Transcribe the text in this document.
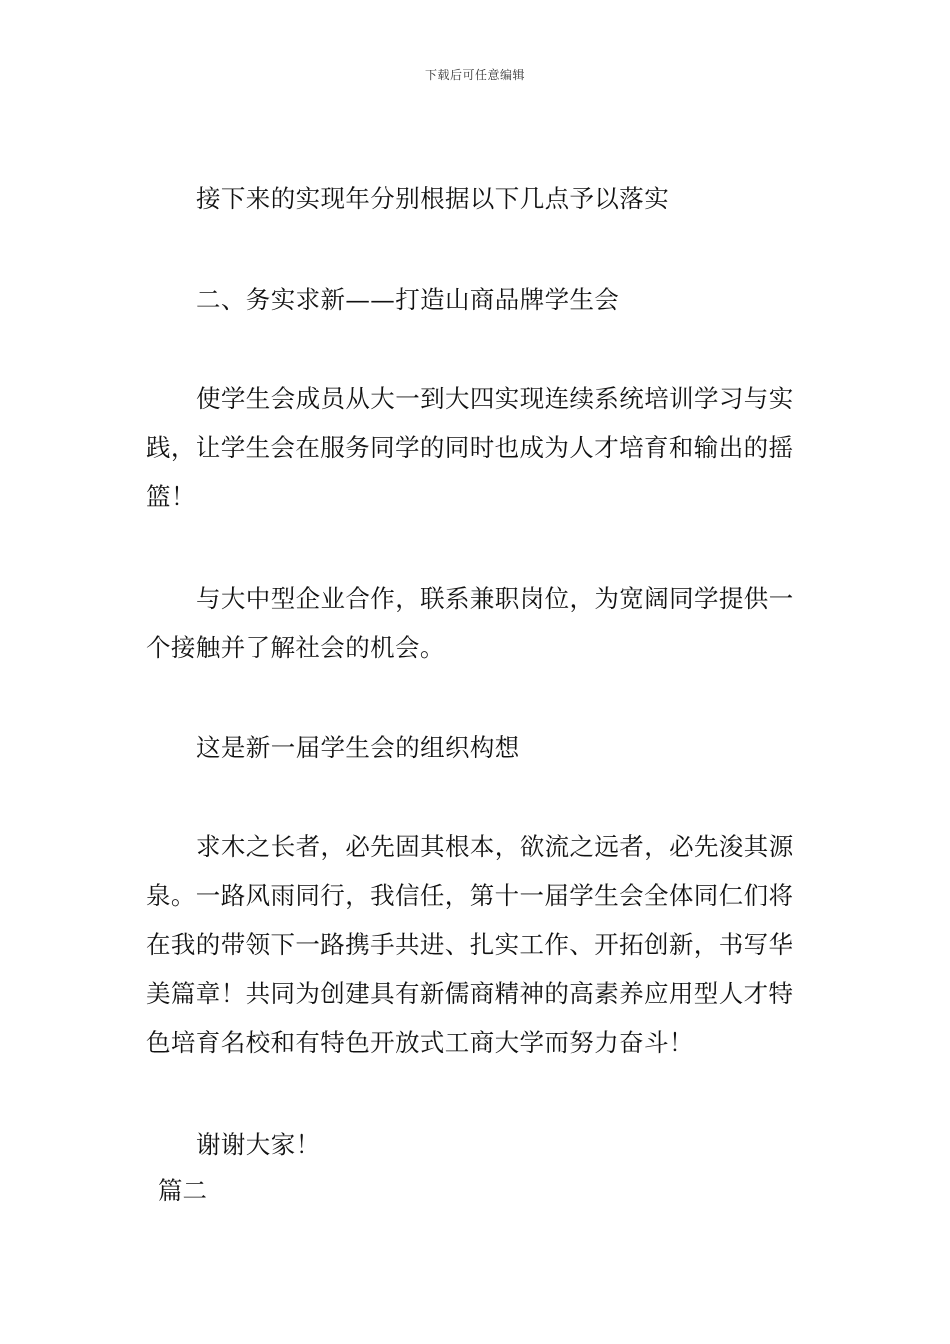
下载后可任意编辑

接下来的实现年分别根据以下几点予以落实

二、务实求新——打造山商品牌学生会

使学生会成员从大一到大四实现连续系统培训学习与实践，让学生会在服务同学的同时也成为人才培育和输出的摇篮！

与大中型企业合作，联系兼职岗位，为宽阔同学提供一个接触并了解社会的机会。

这是新一届学生会的组织构想

求木之长者，必先固其根本，欲流之远者，必先浚其源泉。一路风雨同行，我信任，第十一届学生会全体同仁们将在我的带领下一路携手共进、扎实工作、开拓创新，书写华美篇章！共同为创建具有新儒商精神的高素养应用型人才特色培育名校和有特色开放式工商大学而努力奋斗！

谢谢大家！

篇二
